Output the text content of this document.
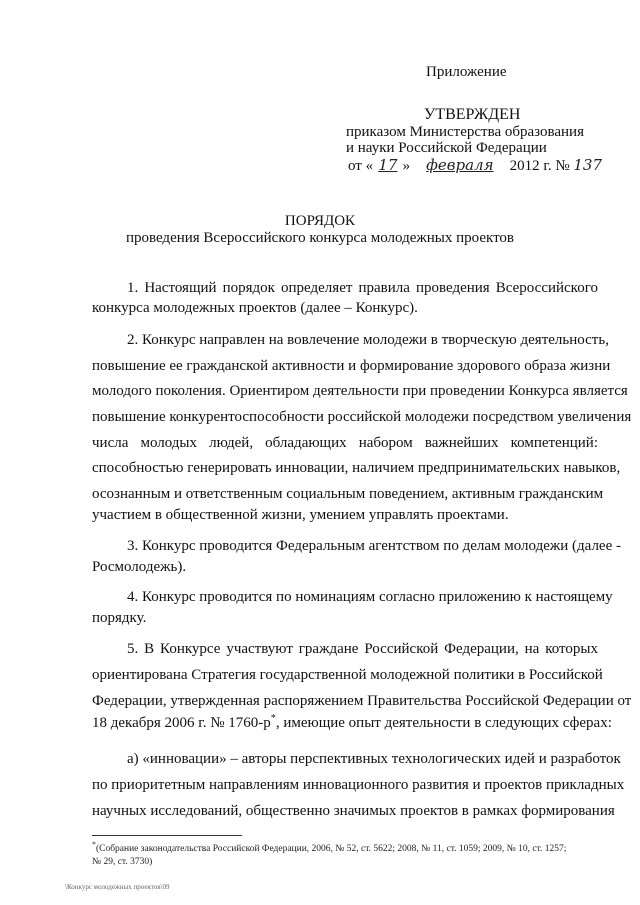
Приложение
УТВЕРЖДЕН
приказом Министерства образования
и науки Российской Федерации
от « 17 » февраля 2012 г. № 137
ПОРЯДОК
проведения Всероссийского конкурса молодежных проектов
1. Настоящий порядок определяет правила проведения Всероссийского
конкурса молодежных проектов (далее – Конкурс).
2. Конкурс направлен на вовлечение молодежи в творческую деятельность,
повышение ее гражданской активности и формирование здорового образа жизни
молодого поколения. Ориентиром деятельности при проведении Конкурса является
повышение конкурентоспособности российской молодежи посредством увеличения
числа молодых людей, обладающих набором важнейших компетенций:
способностью генерировать инновации, наличием предпринимательских навыков,
осознанным и ответственным социальным поведением, активным гражданским
участием в общественной жизни, умением управлять проектами.
3. Конкурс проводится Федеральным агентством по делам молодежи (далее -
Росмолодежь).
4. Конкурс проводится по номинациям согласно приложению к настоящему
порядку.
5. В Конкурсе участвуют граждане Российской Федерации, на которых
ориентирована Стратегия государственной молодежной политики в Российской
Федерации, утвержденная распоряжением Правительства Российской Федерации от
18 декабря 2006 г. № 1760-р*, имеющие опыт деятельности в следующих сферах:
а) «инновации» – авторы перспективных технологических идей и разработок
по приоритетным направлениям инновационного развития и проектов прикладных
научных исследований, общественно значимых проектов в рамках формирования
*(Собрание законодательства Российской Федерации, 2006, № 52, ст. 5622; 2008, № 11, ст. 1059; 2009, № 10, ст. 1257;
№ 29, ст. 3730)
\Конкурс молодежных проектов\09
